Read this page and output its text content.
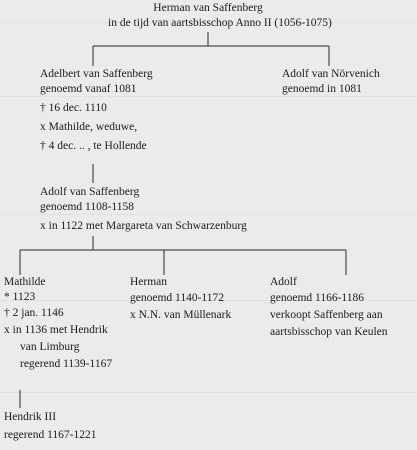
Herman van Saffenberg
in de tijd van aartsbisschop Anno II (1056-1075)
Adelbert van Saffenberg
genoemd vanaf 1081
† 16 dec. 1110
x Mathilde, weduwe,
† 4 dec. .. , te Hollende
Adolf van Nörvenich
genoemd in 1081
Adolf van Saffenberg
genoemd 1108-1158
x in 1122 met Margareta van Schwarzenburg
Mathilde
* 1123
† 2 jan. 1146
x in 1136 met Hendrik
van Limburg
regerend 1139-1167
Herman
genoemd 1140-1172
x N.N. van Müllenark
Adolf
genoemd 1166-1186
verkoopt Saffenberg aan
aartsbisschop van Keulen
Hendrik III
regerend 1167-1221
